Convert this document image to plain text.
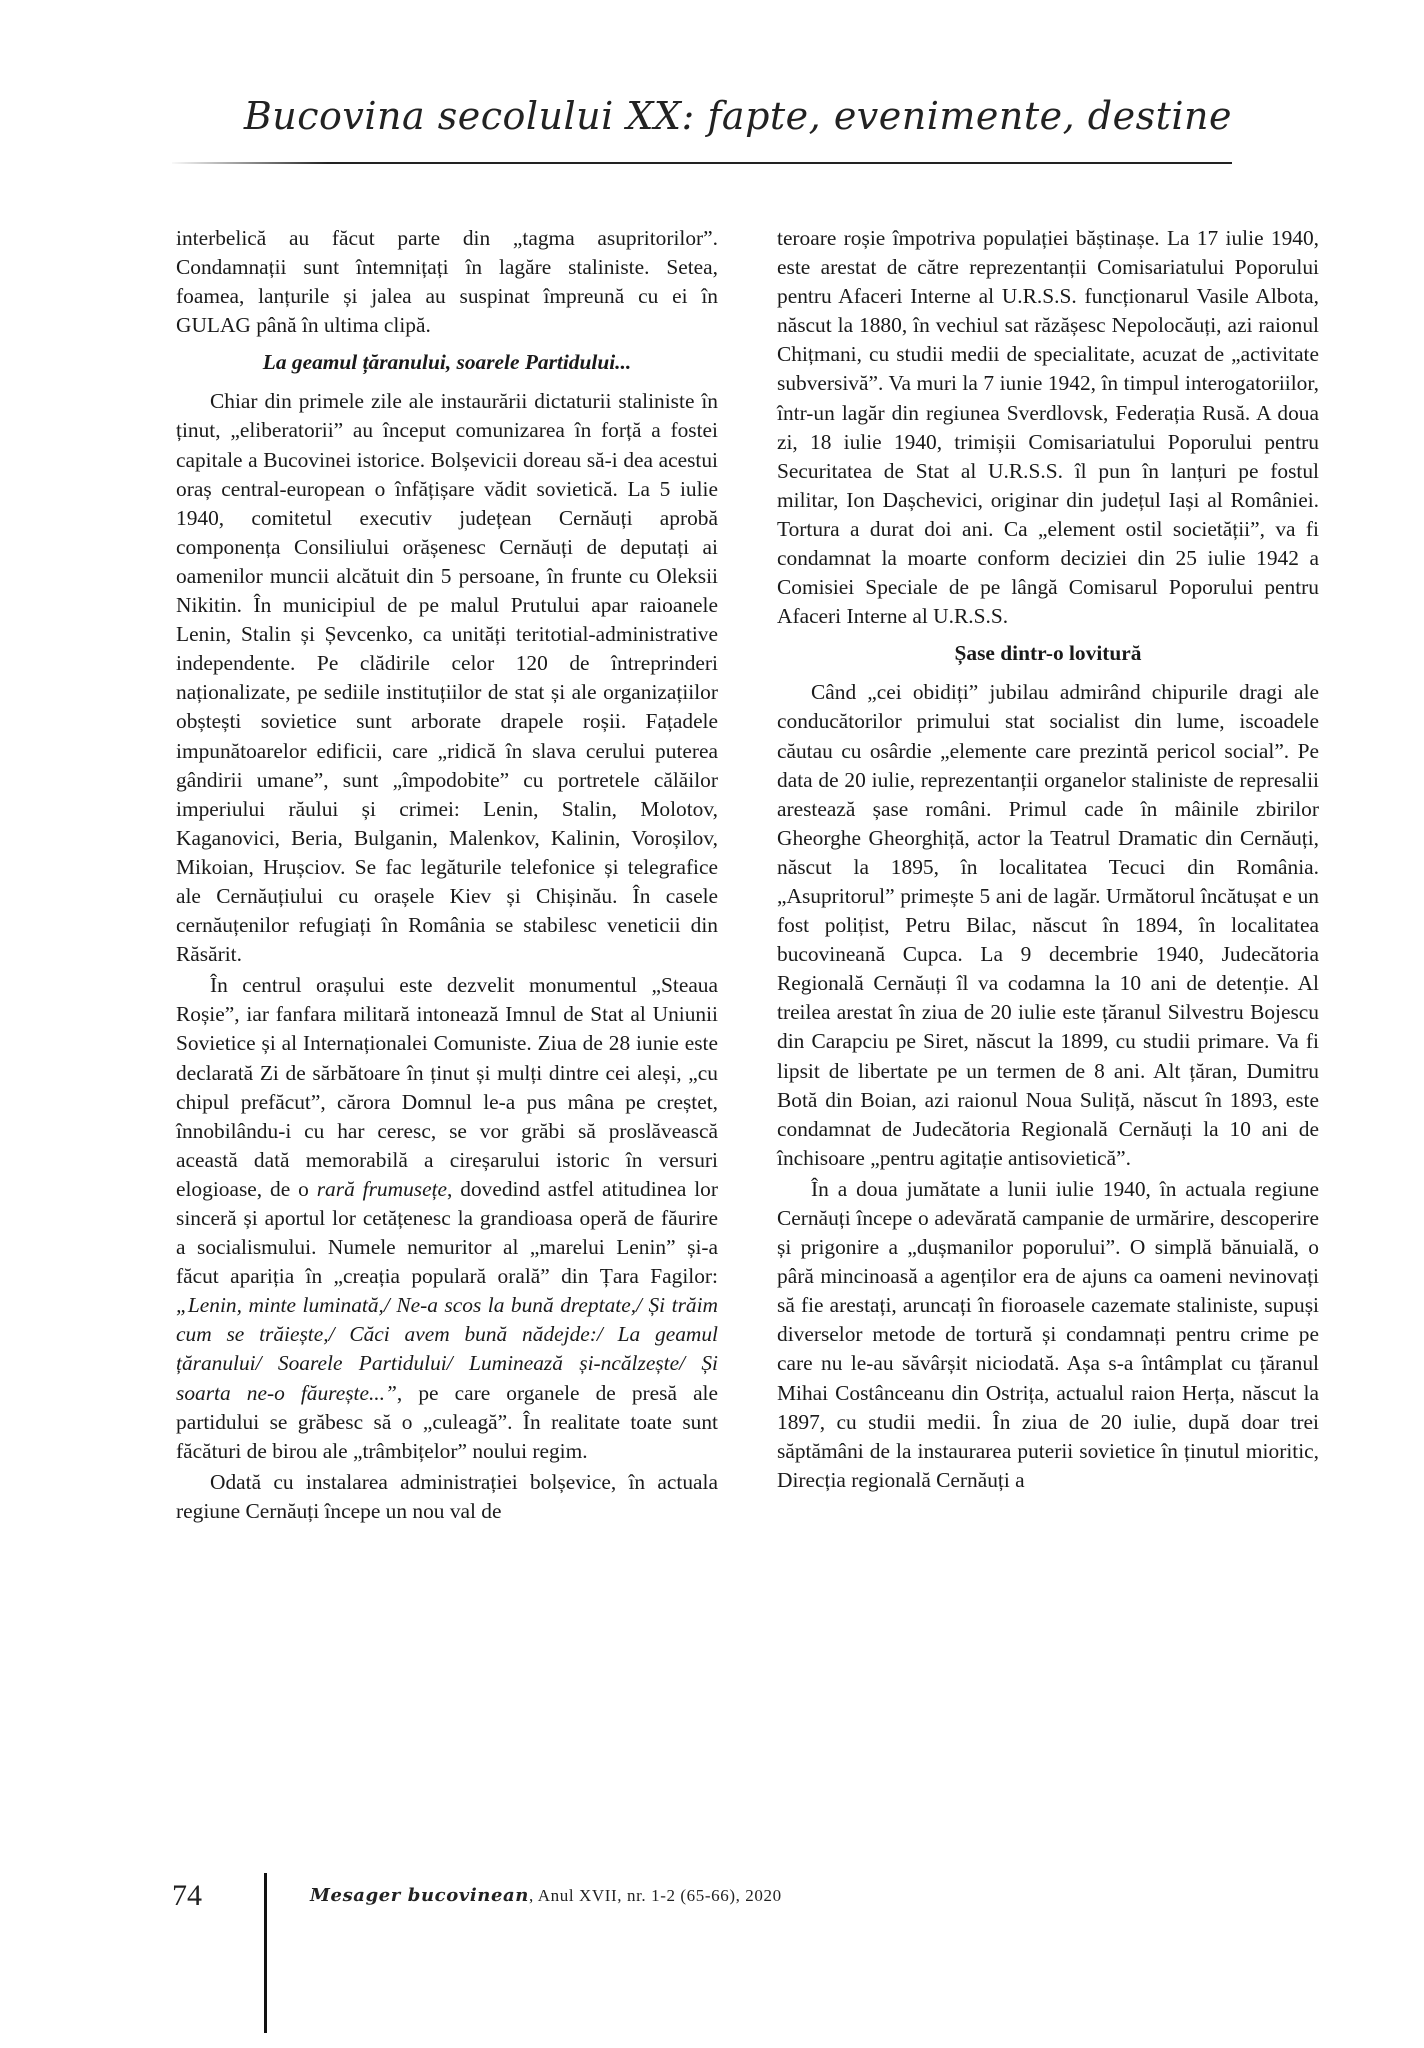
Bucovina secolului XX: fapte, evenimente, destine

interbelică au făcut parte din „tagma asupritorilor”. Condamnații sunt întemnițați în lagăre staliniste. Setea, foamea, lanțurile și jalea au suspinat împreună cu ei în GULAG până în ultima clipă.

La geamul țăranului, soarele Partidului...

Chiar din primele zile ale instaurării dictaturii staliniste în ținut, „eliberatorii” au început comunizarea în forță a fostei capitale a Bucovinei istorice. Bolșevicii doreau să-i dea acestui oraș central-european o înfățișare vădit sovietică. La 5 iulie 1940, comitetul executiv județean Cernăuți aprobă componența Consiliului orășenesc Cernăuți de deputați ai oamenilor muncii alcătuit din 5 persoane, în frunte cu Oleksii Nikitin. În municipiul de pe malul Prutului apar raioanele Lenin, Stalin și Șevcenko, ca unități teritotial-administrative independente. Pe clădirile celor 120 de întreprinderi naționalizate, pe sediile instituțiilor de stat și ale organizațiilor obștești sovietice sunt arborate drapele roșii. Fațadele impunătoarelor edificii, care „ridică în slava cerului puterea gândirii umane”, sunt „împodobite” cu portretele călăilor imperiului răului și crimei: Lenin, Stalin, Molotov, Kaganovici, Beria, Bulganin, Malenkov, Kalinin, Voroșilov, Mikoian, Hrușciov. Se fac legăturile telefonice și telegrafice ale Cernăuțiului cu orașele Kiev și Chișinău. În casele cernăuțenilor refugiați în România se stabilesc veneticii din Răsărit.

În centrul orașului este dezvelit monumentul „Steaua Roșie”, iar fanfara militară intonează Imnul de Stat al Uniunii Sovietice și al Internaționalei Comuniste. Ziua de 28 iunie este declarată Zi de sărbătoare în ținut și mulți dintre cei aleși, „cu chipul prefăcut”, cărora Domnul le-a pus mâna pe creștet, înnobilându-i cu har ceresc, se vor grăbi să proslăvească această dată memorabilă a cireșarului istoric în versuri elogioase, de o rară frumusețe, dovedind astfel atitudinea lor sinceră și aportul lor cetățenesc la grandioasa operă de făurire a socialismului. Numele nemuritor al „marelui Lenin” și-a făcut apariția în „creația populară orală” din Țara Fagilor: „Lenin, minte luminată,/ Ne-a scos la bună dreptate,/ Și trăim cum se trăiește,/ Căci avem bună nădejde:/ La geamul țăranului/ Soarele Partidului/ Luminează și-ncălzește/ Și soarta ne-o făurește...”, pe care organele de presă ale partidului se grăbesc să o „culeagă”. În realitate toate sunt făcături de birou ale „trâmbițelor” noului regim.

Odată cu instalarea administrației bolșevice, în actuala regiune Cernăuți începe un nou val de

teroare roșie împotriva populației băștinașe. La 17 iulie 1940, este arestat de către reprezentanții Comisariatului Poporului pentru Afaceri Interne al U.R.S.S. funcționarul Vasile Albota, născut la 1880, în vechiul sat răzășesc Nepolocăuți, azi raionul Chițmani, cu studii medii de specialitate, acuzat de „activitate subversivă”. Va muri la 7 iunie 1942, în timpul interogatoriilor, într-un lagăr din regiunea Sverdlovsk, Federația Rusă. A doua zi, 18 iulie 1940, trimișii Comisariatului Poporului pentru Securitatea de Stat al U.R.S.S. îl pun în lanțuri pe fostul militar, Ion Dașchevici, originar din județul Iași al României. Tortura a durat doi ani. Ca „element ostil societății”, va fi condamnat la moarte conform deciziei din 25 iulie 1942 a Comisiei Speciale de pe lângă Comisarul Poporului pentru Afaceri Interne al U.R.S.S.

Șase dintr-o lovitură

Când „cei obidiți” jubilau admirând chipurile dragi ale conducătorilor primului stat socialist din lume, iscoadele căutau cu osârdie „elemente care prezintă pericol social”. Pe data de 20 iulie, reprezentanții organelor staliniste de represalii arestează șase români. Primul cade în mâinile zbirilor Gheorghe Gheorghiță, actor la Teatrul Dramatic din Cernăuți, născut la 1895, în localitatea Tecuci din România. „Asupritorul” primește 5 ani de lagăr. Următorul încătușat e un fost polițist, Petru Bilac, născut în 1894, în localitatea bucovineană Cupca. La 9 decembrie 1940, Judecătoria Regională Cernăuți îl va codamna la 10 ani de detenție. Al treilea arestat în ziua de 20 iulie este țăranul Silvestru Bojescu din Carapciu pe Siret, născut la 1899, cu studii primare. Va fi lipsit de libertate pe un termen de 8 ani. Alt țăran, Dumitru Botă din Boian, azi raionul Noua Suliță, născut în 1893, este condamnat de Judecătoria Regională Cernăuți la 10 ani de închisoare „pentru agitație antisovietică”.

În a doua jumătate a lunii iulie 1940, în actuala regiune Cernăuți începe o adevărată campanie de urmărire, descoperire și prigonire a „dușmanilor poporului”. O simplă bănuială, o pâră mincinoasă a agenților era de ajuns ca oameni nevinovați să fie arestați, aruncați în fioroasele cazemate staliniste, supuși diverselor metode de tortură și condamnați pentru crime pe care nu le-au săvârșit niciodată. Așa s-a întâmplat cu țăranul Mihai Costânceanu din Ostrița, actualul raion Herța, născut la 1897, cu studii medii. În ziua de 20 iulie, după doar trei săptămâni de la instaurarea puterii sovietice în ținutul mioritic, Direcția regională Cernăuți a

74	Mesager bucovinean, Anul XVII, nr. 1-2 (65-66), 2020
